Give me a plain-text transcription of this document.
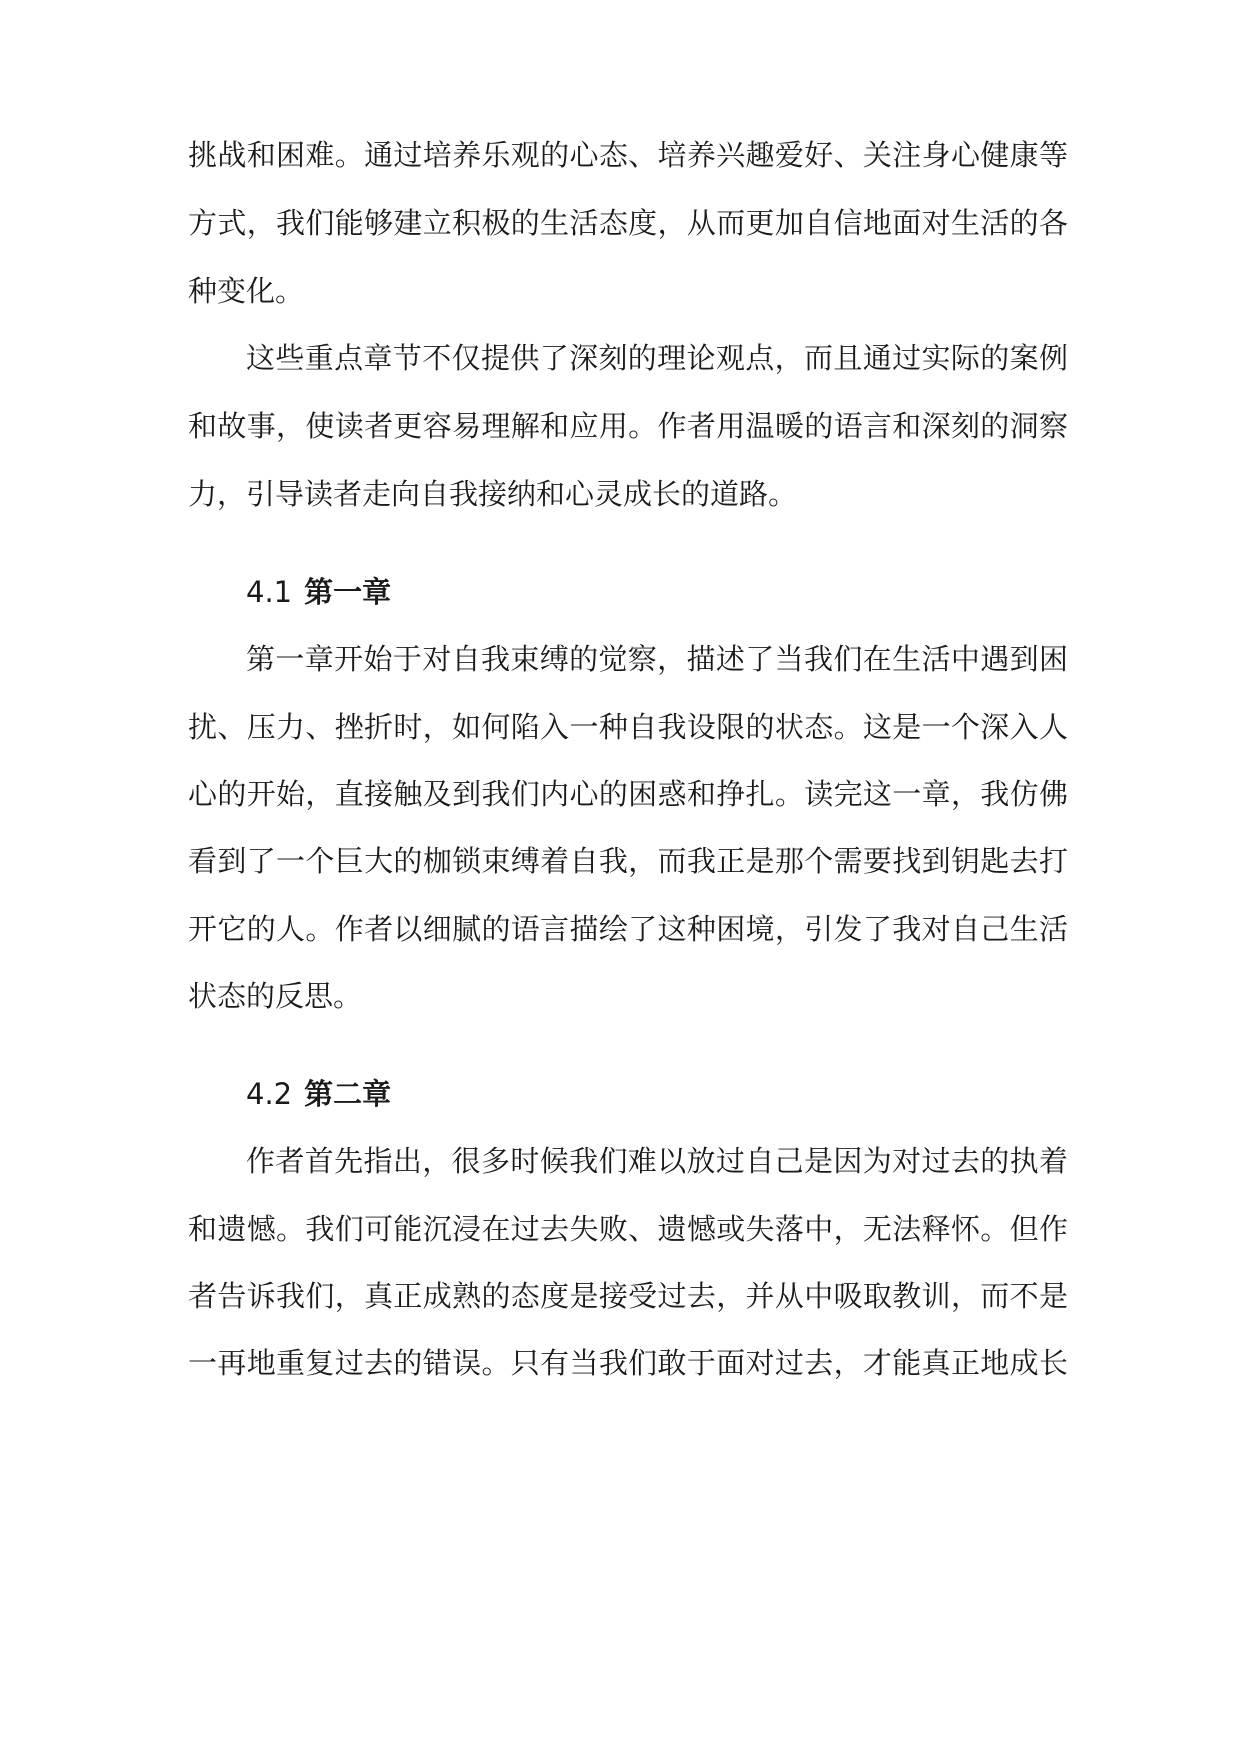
挑战和困难。通过培养乐观的心态、培养兴趣爱好、关注身心健康等
方式，我们能够建立积极的生活态度，从而更加自信地面对生活的各
种变化。
这些重点章节不仅提供了深刻的理论观点，而且通过实际的案例
和故事，使读者更容易理解和应用。作者用温暖的语言和深刻的洞察
力，引导读者走向自我接纳和心灵成长的道路。
4.1 第一章
第一章开始于对自我束缚的觉察，描述了当我们在生活中遇到困
扰、压力、挫折时，如何陷入一种自我设限的状态。这是一个深入人
心的开始，直接触及到我们内心的困惑和挣扎。读完这一章，我仿佛
看到了一个巨大的枷锁束缚着自我，而我正是那个需要找到钥匙去打
开它的人。作者以细腻的语言描绘了这种困境，引发了我对自己生活
状态的反思。
4.2 第二章
作者首先指出，很多时候我们难以放过自己是因为对过去的执着
和遗憾。我们可能沉浸在过去失败、遗憾或失落中，无法释怀。但作
者告诉我们，真正成熟的态度是接受过去，并从中吸取教训，而不是
一再地重复过去的错误。只有当我们敢于面对过去，才能真正地成长
